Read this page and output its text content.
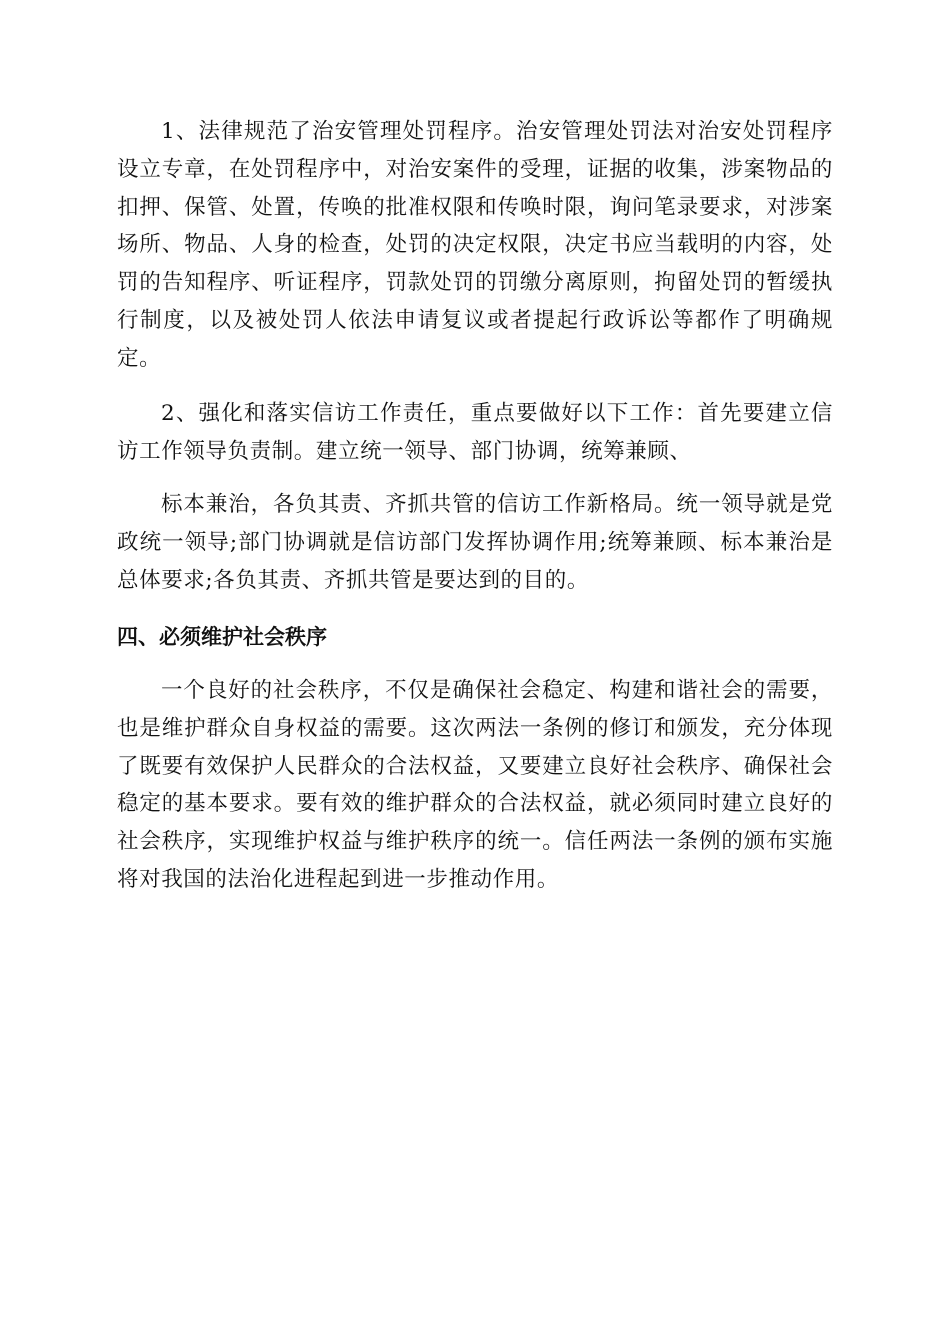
1、法律规范了治安管理处罚程序。治安管理处罚法对治安处罚程序设立专章，在处罚程序中，对治安案件的受理，证据的收集，涉案物品的扣押、保管、处置，传唤的批准权限和传唤时限，询问笔录要求，对涉案场所、物品、人身的检查，处罚的决定权限，决定书应当载明的内容，处罚的告知程序、听证程序，罚款处罚的罚缴分离原则，拘留处罚的暂缓执行制度，以及被处罚人依法申请复议或者提起行政诉讼等都作了明确规定。

2、强化和落实信访工作责任，重点要做好以下工作：首先要建立信访工作领导负责制。建立统一领导、部门协调，统筹兼顾、

标本兼治，各负其责、齐抓共管的信访工作新格局。统一领导就是党政统一领导;部门协调就是信访部门发挥协调作用;统筹兼顾、标本兼治是总体要求;各负其责、齐抓共管是要达到的目的。

四、必须维护社会秩序

一个良好的社会秩序，不仅是确保社会稳定、构建和谐社会的需要，也是维护群众自身权益的需要。这次两法一条例的修订和颁发，充分体现了既要有效保护人民群众的合法权益，又要建立良好社会秩序、确保社会稳定的基本要求。要有效的维护群众的合法权益，就必须同时建立良好的社会秩序，实现维护权益与维护秩序的统一。信任两法一条例的颁布实施将对我国的法治化进程起到进一步推动作用。
